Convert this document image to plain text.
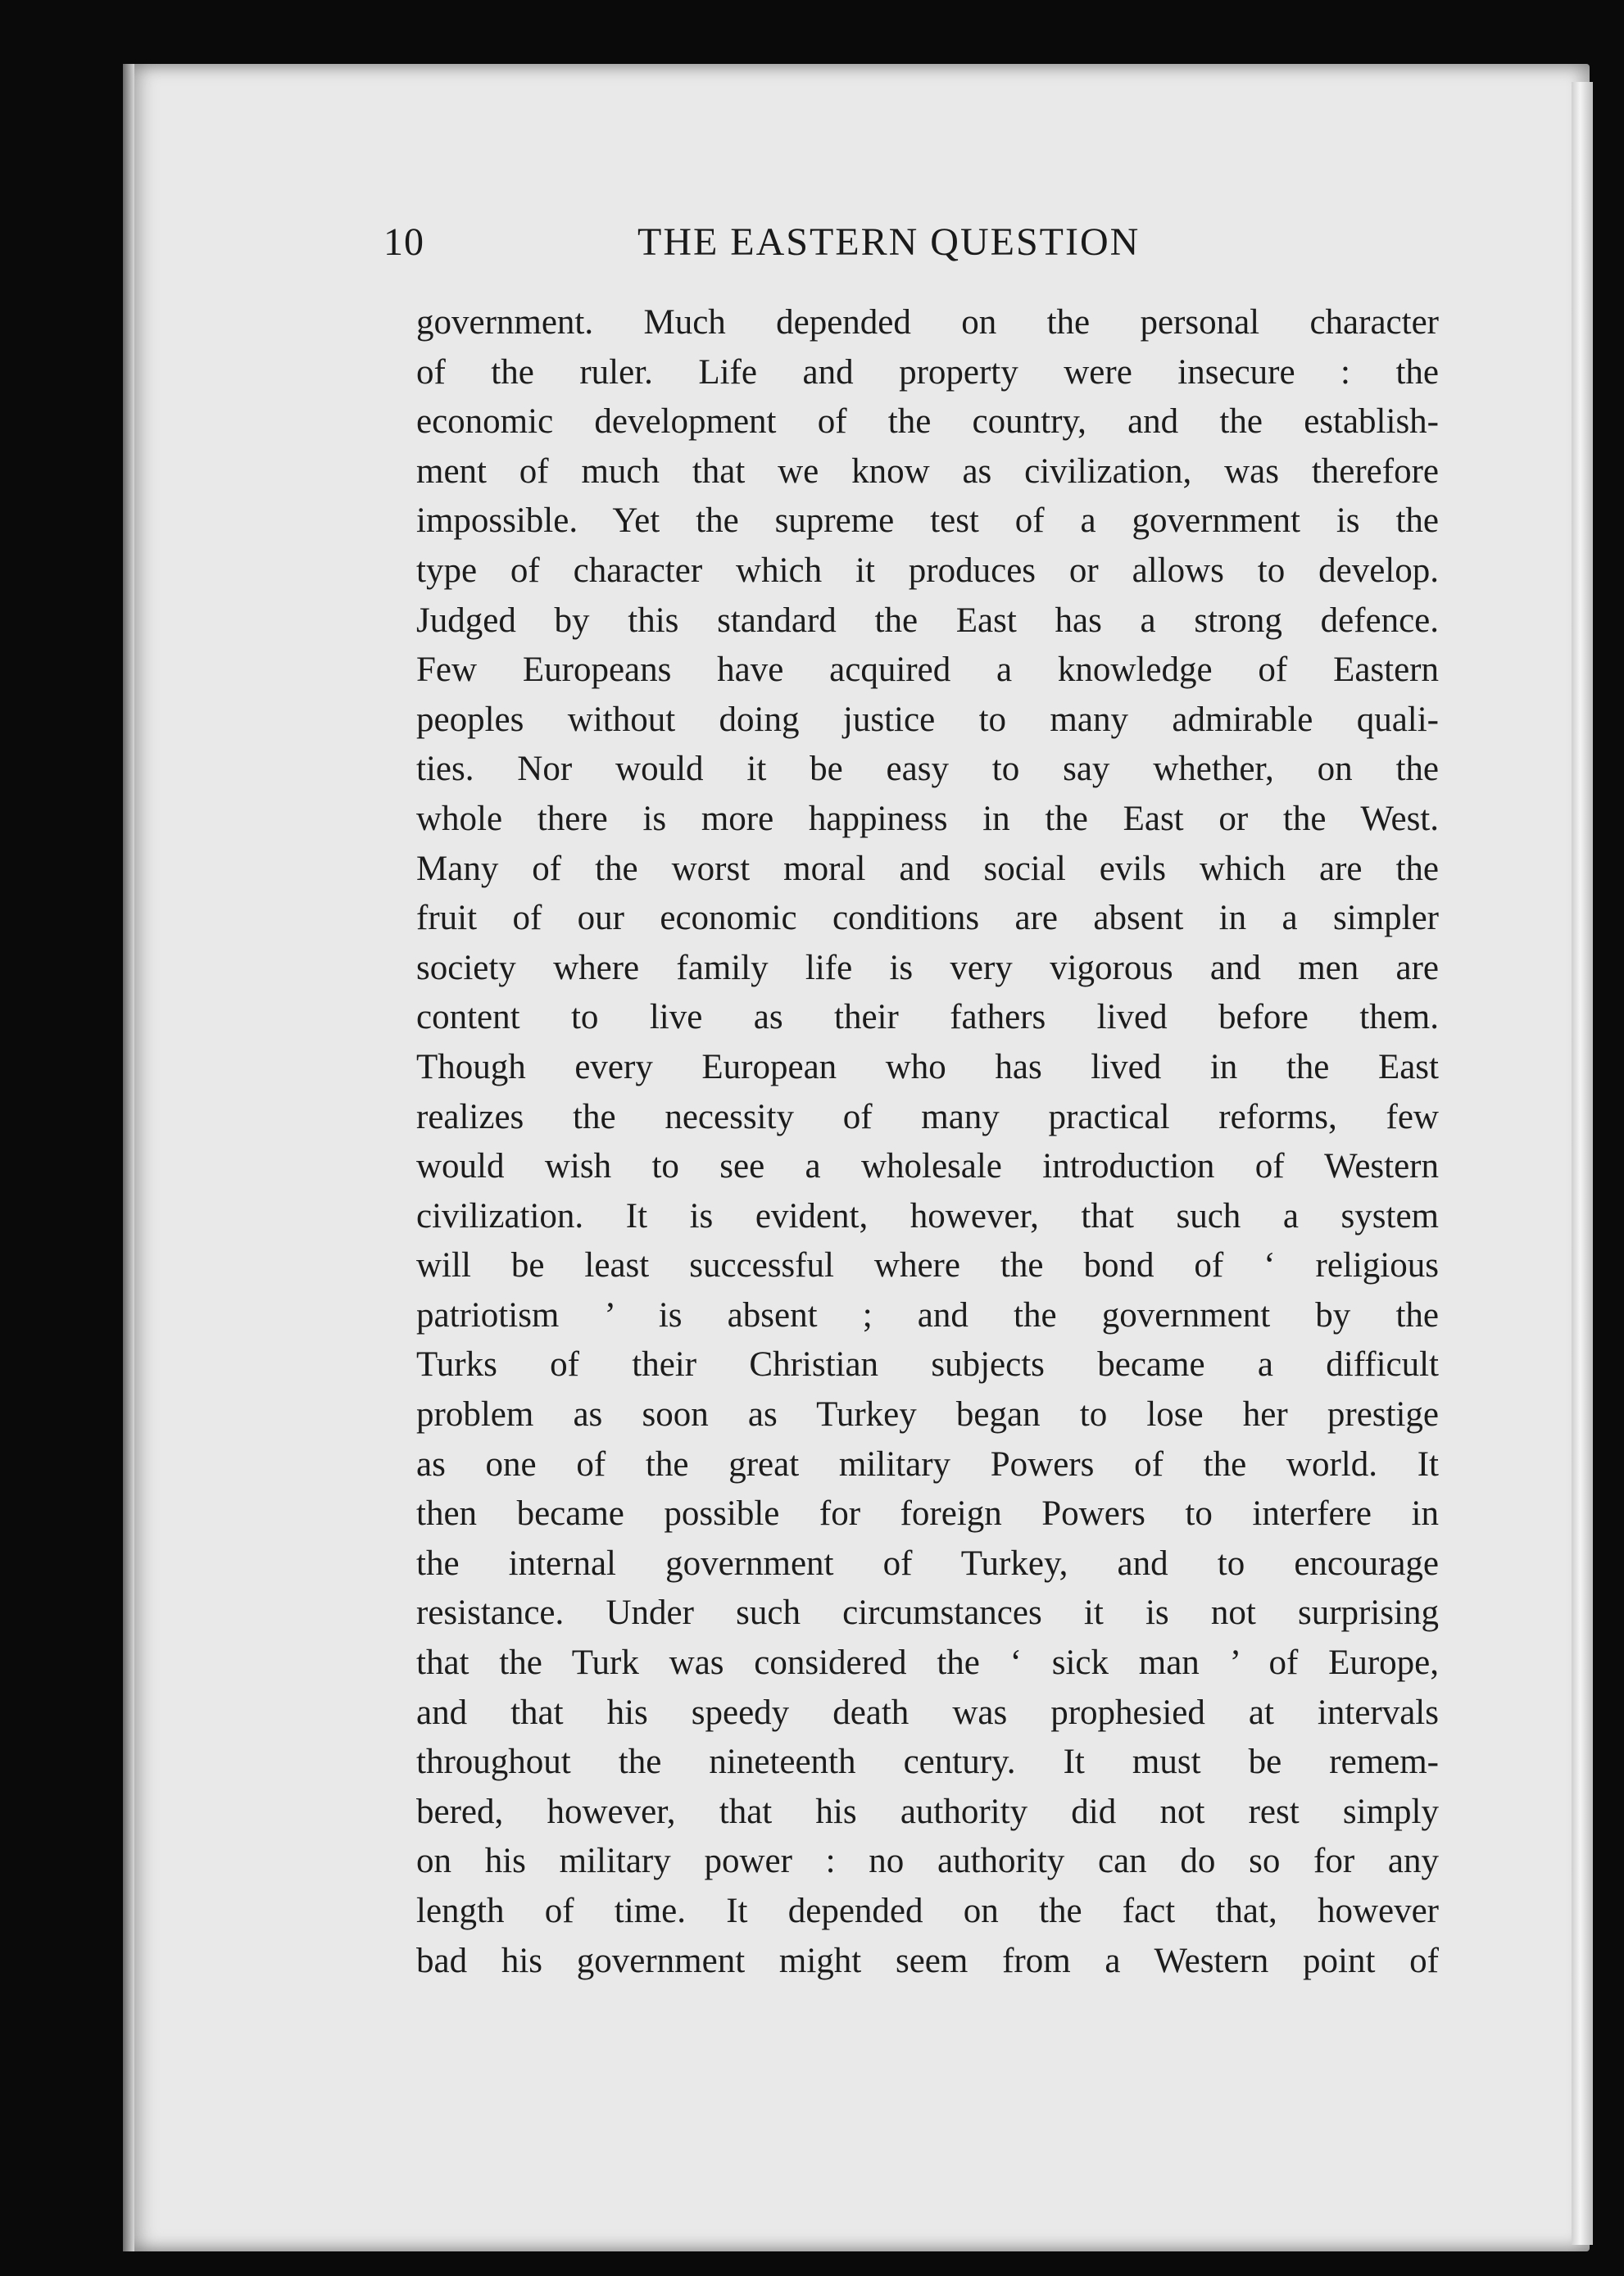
10	THE EASTERN QUESTION
government. Much depended on the personal character
of the ruler. Life and property were insecure : the
economic development of the country, and the establish-
ment of much that we know as civilization, was therefore
impossible. Yet the supreme test of a government is the
type of character which it produces or allows to develop.
Judged by this standard the East has a strong defence.
Few Europeans have acquired a knowledge of Eastern
peoples without doing justice to many admirable quali-
ties. Nor would it be easy to say whether, on the
whole there is more happiness in the East or the West.
Many of the worst moral and social evils which are the
fruit of our economic conditions are absent in a simpler
society where family life is very vigorous and men are
content to live as their fathers lived before them.
Though every European who has lived in the East
realizes the necessity of many practical reforms, few
would wish to see a wholesale introduction of Western
civilization. It is evident, however, that such a system
will be least successful where the bond of ‘ religious
patriotism ’ is absent ; and the government by the
Turks of their Christian subjects became a difficult
problem as soon as Turkey began to lose her prestige
as one of the great military Powers of the world. It
then became possible for foreign Powers to interfere in
the internal government of Turkey, and to encourage
resistance. Under such circumstances it is not surprising
that the Turk was considered the ‘ sick man ’ of Europe,
and that his speedy death was prophesied at intervals
throughout the nineteenth century. It must be remem-
bered, however, that his authority did not rest simply
on his military power : no authority can do so for any
length of time. It depended on the fact that, however
bad his government might seem from a Western point of
